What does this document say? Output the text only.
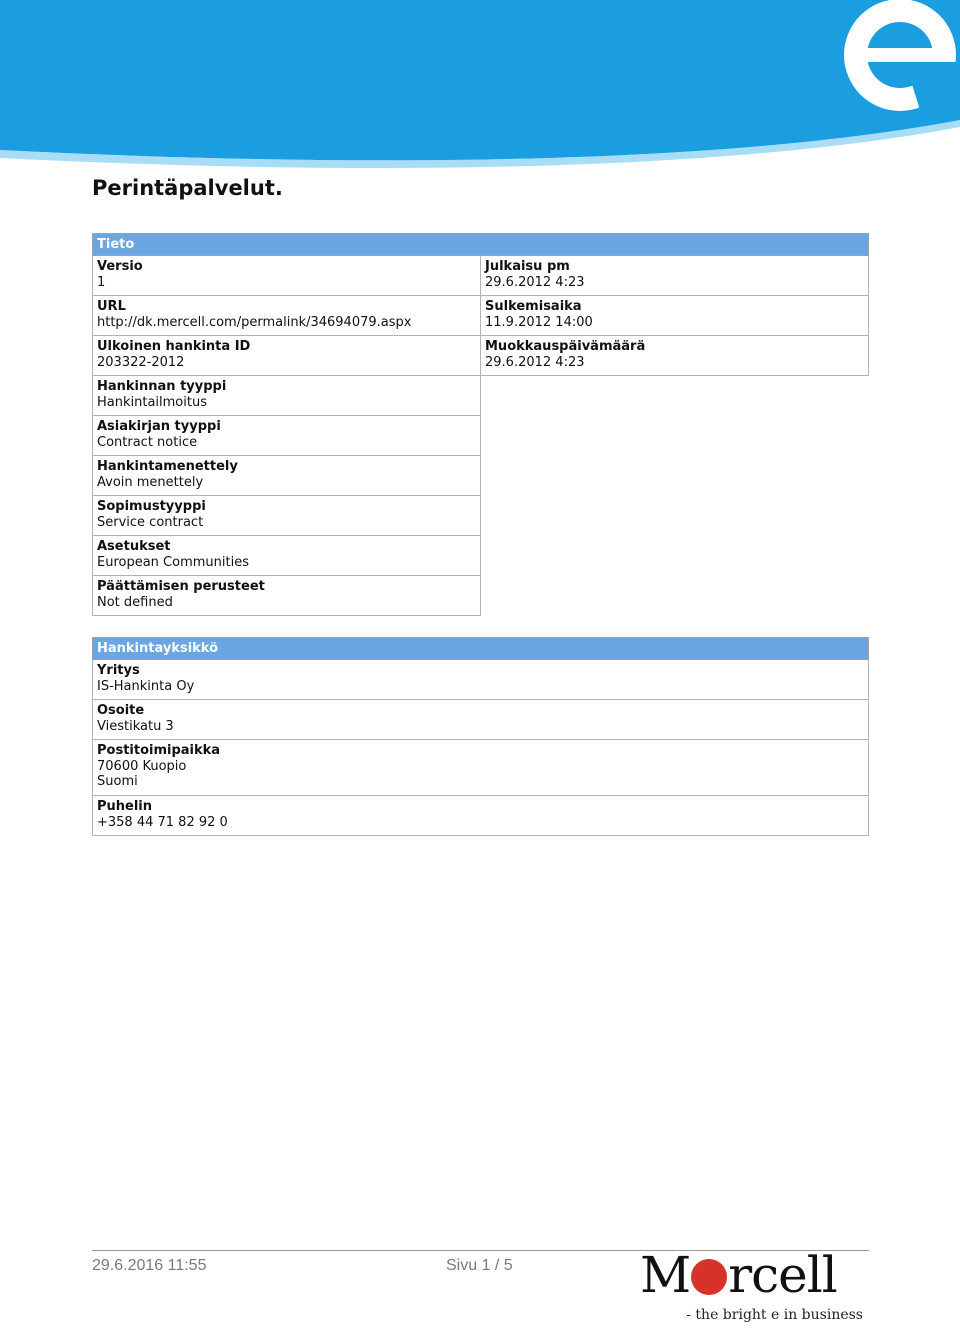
Perintäpalvelut.
Tieto
Versio
1
URL
http://dk.mercell.com/permalink/34694079.aspx
Ulkoinen hankinta ID
203322-2012
Hankinnan tyyppi
Hankintailmoitus
Asiakirjan tyyppi
Contract notice
Hankintamenettely
Avoin menettely
Sopimustyyppi
Service contract
Asetukset
European Communities
Päättämisen perusteet
Not defined
Julkaisu pm
29.6.2012 4:23
Sulkemisaika
11.9.2012 14:00
Muokkauspäivämäärä
29.6.2012 4:23
Hankintayksikkö
Yritys
IS-Hankinta Oy
Osoite
Viestikatu 3
Postitoimipaikka
70600 Kuopio
Suomi
Puhelin
+358 44 71 82 92 0
29.6.2016 11:55	Sivu 1 / 5	M rcell
- the bright e in business
